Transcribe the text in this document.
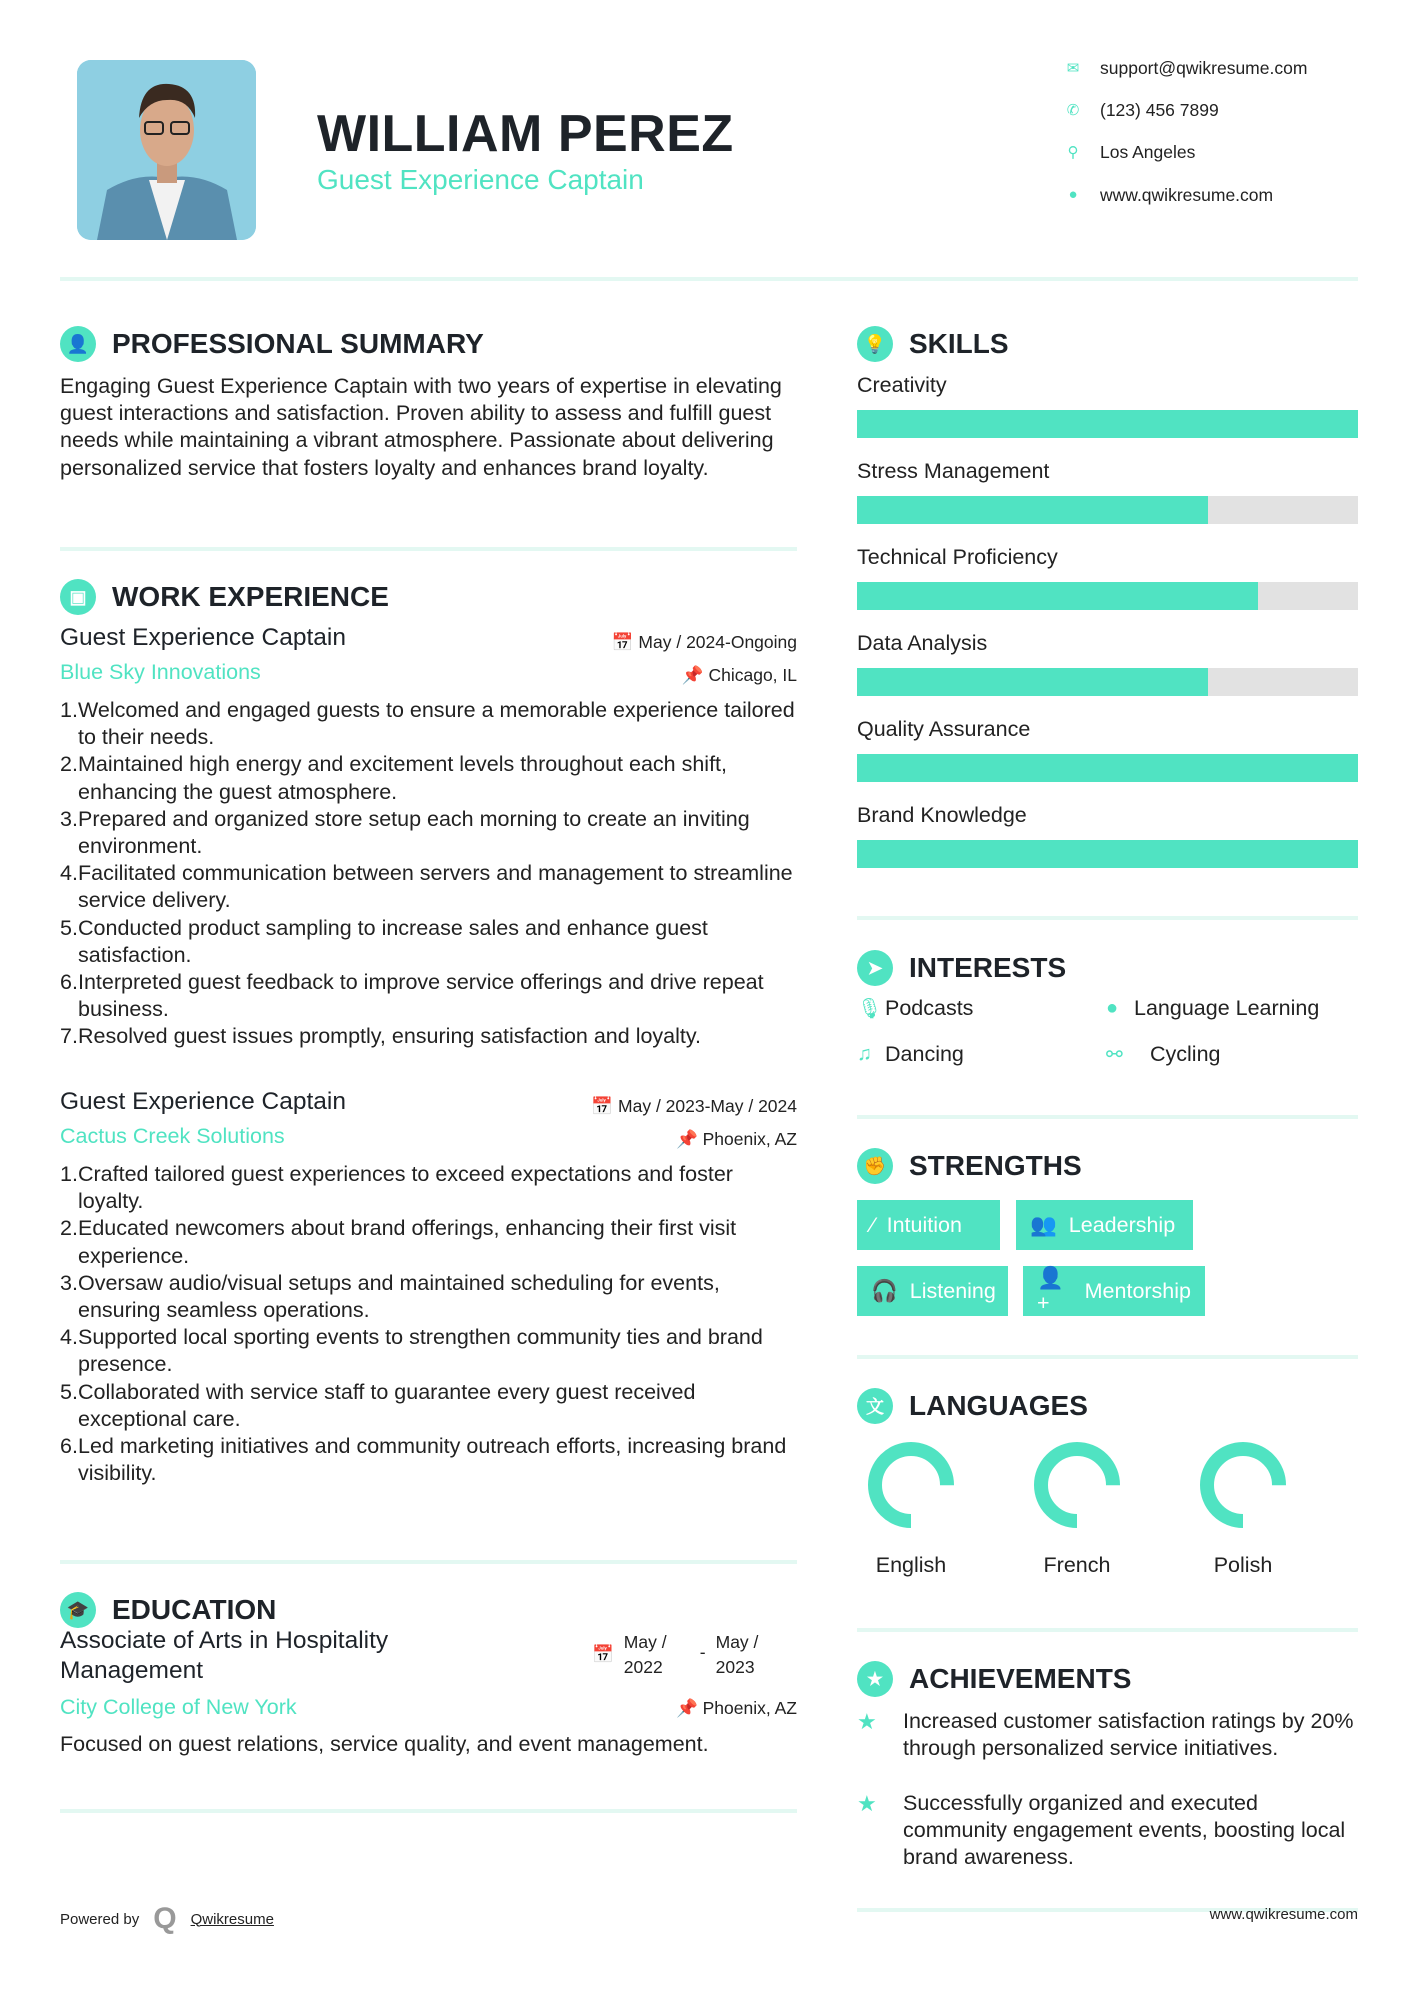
WILLIAM PEREZ
Guest Experience Captain
✉	support@qwikresume.com
✆	(123) 456 7899
⚲	Los Angeles
●	www.qwikresume.com
👤 PROFESSIONAL SUMMARY
Engaging Guest Experience Captain with two years of expertise in elevating guest interactions and satisfaction. Proven ability to assess and fulfill guest needs while maintaining a vibrant atmosphere. Passionate about delivering personalized service that fosters loyalty and enhances brand loyalty.
▣ WORK EXPERIENCE
Guest Experience Captain	📅 May / 2024-Ongoing
Blue Sky Innovations	📌 Chicago, IL
1. Welcomed and engaged guests to ensure a memorable experience tailored to their needs.
2. Maintained high energy and excitement levels throughout each shift, enhancing the guest atmosphere.
3. Prepared and organized store setup each morning to create an inviting environment.
4. Facilitated communication between servers and management to streamline service delivery.
5. Conducted product sampling to increase sales and enhance guest satisfaction.
6. Interpreted guest feedback to improve service offerings and drive repeat business.
7. Resolved guest issues promptly, ensuring satisfaction and loyalty.
Guest Experience Captain	📅 May / 2023-May / 2024
Cactus Creek Solutions	📌 Phoenix, AZ
1. Crafted tailored guest experiences to exceed expectations and foster loyalty.
2. Educated newcomers about brand offerings, enhancing their first visit experience.
3. Oversaw audio/visual setups and maintained scheduling for events, ensuring seamless operations.
4. Supported local sporting events to strengthen community ties and brand presence.
5. Collaborated with service staff to guarantee every guest received exceptional care.
6. Led marketing initiatives and community outreach efforts, increasing brand visibility.
🎓 EDUCATION
Associate of Arts in Hospitality Management
📅
May / 2022
- May / 2023
City College of New York	📌 Phoenix, AZ
Focused on guest relations, service quality, and event management.
Powered by Q Qwikresume
💡 SKILLS
Creativity
Stress Management
Technical Proficiency
Data Analysis
Quality Assurance
Brand Knowledge
➤ INTERESTS
🎙 Podcasts	● Language Learning
♫ Dancing	⚯	Cycling
✊ STRENGTHS
⁄ Intuition	👥 Leadership
🎧 Listening
👤+
Mentorship
文 LANGUAGES
English	French	Polish
★ ACHIEVEMENTS
★	Increased customer satisfaction ratings by 20% through personalized service initiatives.
★	Successfully organized and executed community engagement events, boosting local brand awareness.
www.qwikresume.com
